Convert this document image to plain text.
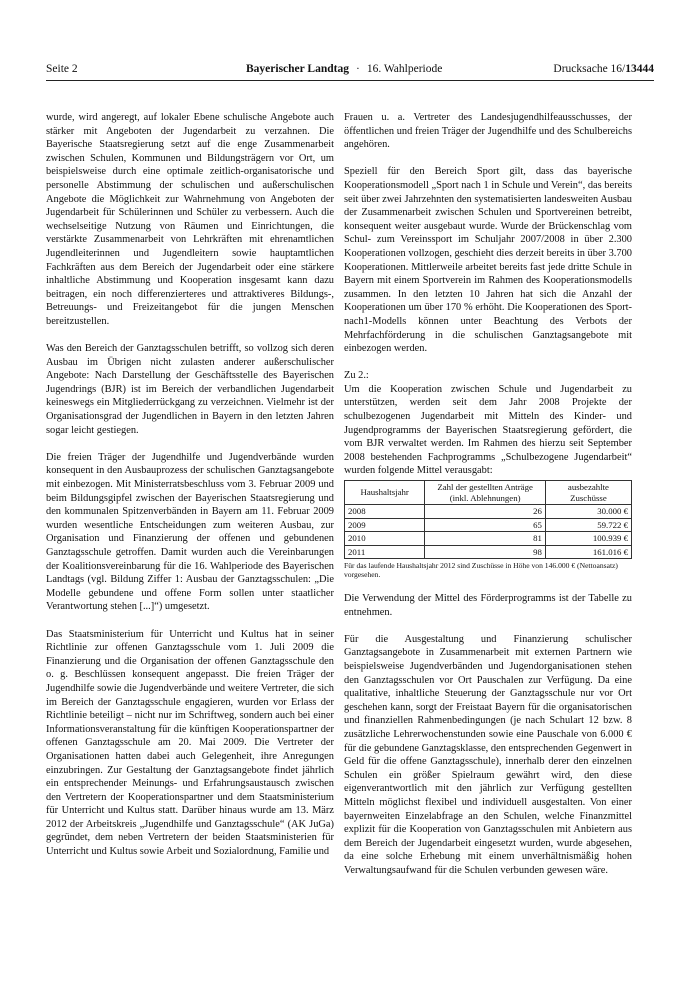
Seite 2	Bayerischer Landtag · 16. Wahlperiode	Drucksache 16/13444

wurde, wird angeregt, auf lokaler Ebene schulische Angebote auch stärker mit Angeboten der Jugendarbeit zu verzahnen. Die Bayerische Staatsregierung setzt auf die enge Zusammenarbeit zwischen Schulen, Kommunen und Bildungsträgern vor Ort, um beispielsweise durch eine optimale zeitlich-organisatorische und personelle Abstimmung der schulischen und außerschulischen Angebote die Möglichkeit zur Wahrnehmung von Angeboten der Jugendarbeit für Schülerinnen und Schüler zu verbessern. Auch die wechselseitige Nutzung von Räumen und Einrichtungen, die verstärkte Zusammenarbeit von Lehrkräften mit ehrenamtlichen Jugendleiterinnen und Jugendleitern sowie hauptamtlichen Fachkräften aus dem Bereich der Jugendarbeit oder eine stärkere inhaltliche Abstimmung und Kooperation insgesamt kann dazu beitragen, ein noch differenzierteres und attraktiveres Bildungs-, Betreuungs- und Freizeitangebot für die jungen Menschen bereitzustellen.

Was den Bereich der Ganztagsschulen betrifft, so vollzog sich deren Ausbau im Übrigen nicht zulasten anderer außerschulischer Angebote: Nach Darstellung der Geschäftsstelle des Bayerischen Jugendrings (BJR) ist im Bereich der verbandlichen Jugendarbeit keineswegs ein Mitgliederrückgang zu verzeichnen. Vielmehr ist der Organisationsgrad der Jugendlichen in Bayern in den letzten Jahren sogar leicht gestiegen.

Die freien Träger der Jugendhilfe und Jugendverbände wurden konsequent in den Ausbauprozess der schulischen Ganztagsangebote mit einbezogen. Mit Ministerratsbeschluss vom 3. Februar 2009 und beim Bildungsgipfel zwischen der Bayerischen Staatsregierung und den kommunalen Spitzenverbänden in Bayern am 11. Februar 2009 wurden wesentliche Entscheidungen zum weiteren Ausbau, zur Organisation und Finanzierung der offenen und gebundenen Ganztagsschule getroffen. Damit wurden auch die Vereinbarungen der Koalitionsvereinbarung für die 16. Wahlperiode des Bayerischen Landtags (vgl. Bildung Ziffer 1: Ausbau der Ganztagsschulen: „Die Modelle gebundene und offene Form sollen unter staatlicher Verantwortung stehen [...]“) umgesetzt.

Das Staatsministerium für Unterricht und Kultus hat in seiner Richtlinie zur offenen Ganztagsschule vom 1. Juli 2009 die Finanzierung und die Organisation der offenen Ganztagsschule den o. g. Beschlüssen konsequent angepasst. Die freien Träger der Jugendhilfe sowie die Jugendverbände und weitere Vertreter, die sich im Bereich der Ganztagsschule engagieren, wurden vor Erlass der Richtlinie beteiligt – nicht nur im Schriftweg, sondern auch bei einer Informationsveranstaltung für die künftigen Kooperationspartner der offenen Ganztagsschule am 20. Mai 2009. Die Vertreter der Organisationen hatten dabei auch Gelegenheit, ihre Anregungen einzubringen. Zur Gestaltung der Ganztagsangebote findet jährlich ein entsprechender Meinungs- und Erfahrungsaustausch zwischen den Vertretern der Kooperationspartner und dem Staatsministerium für Unterricht und Kultus statt. Darüber hinaus wurde am 13. März 2012 der Arbeitskreis „Jugendhilfe und Ganztagsschule“ (AK JuGa) gegründet, dem neben Vertretern der beiden Staatsministerien für Unterricht und Kultus sowie Arbeit und Sozialordnung, Familie und

Frauen u. a. Vertreter des Landesjugendhilfeausschusses, der öffentlichen und freien Träger der Jugendhilfe und des Schulbereichs angehören.

Speziell für den Bereich Sport gilt, dass das bayerische Kooperationsmodell „Sport nach 1 in Schule und Verein“, das bereits seit über zwei Jahrzehnten den systematisierten landesweiten Ausbau der Zusammenarbeit zwischen Schulen und Sportvereinen betreibt, konsequent weiter ausgebaut wurde. Wurde der Brückenschlag vom Schul- zum Vereinssport im Schuljahr 2007/2008 in über 2.300 Kooperationen vollzogen, geschieht dies derzeit bereits in über 3.700 Kooperationen. Mittlerweile arbeitet bereits fast jede dritte Schule in Bayern mit einem Sportverein im Rahmen des Kooperationsmodells zusammen. In den letzten 10 Jahren hat sich die Anzahl der Kooperationen um über 170 % erhöht. Die Kooperationen des Sport-nach1-Modells können unter Beachtung des Verbots der Mehrfachförderung in die schulischen Ganztagsangebote mit einbezogen werden.

Zu 2.:

Um die Kooperation zwischen Schule und Jugendarbeit zu unterstützen, werden seit dem Jahr 2008 Projekte der schulbezogenen Jugendarbeit mit Mitteln des Kinder- und Jugendprogramms der Bayerischen Staatsregierung gefördert, die vom BJR verwaltet werden. Im Rahmen des hierzu seit September 2008 bestehenden Fachprogramms „Schulbezogene Jugendarbeit“ wurden folgende Mittel verausgabt:

Haushaltsjahr	Zahl der gestellten Anträge (inkl. Ablehnungen)	ausbezahlte Zuschüsse
2008	26	30.000 €
2009	65	59.722 €
2010	81	100.939 €
2011	98	161.016 €
Für das laufende Haushaltsjahr 2012 sind Zuschüsse in Höhe von 146.000 € (Nettoansatz) vorgesehen.

Die Verwendung der Mittel des Förderprogramms ist der Tabelle zu entnehmen.

Für die Ausgestaltung und Finanzierung schulischer Ganztagsangebote in Zusammenarbeit mit externen Partnern wie beispielsweise Jugendverbänden und Jugendorganisationen stehen den Ganztagsschulen vor Ort Pauschalen zur Verfügung. Da eine qualitative, inhaltliche Steuerung der Ganztagsschule nur vor Ort geschehen kann, sorgt der Freistaat Bayern für die organisatorischen und finanziellen Rahmenbedingungen (je nach Schulart 12 bzw. 8 zusätzliche Lehrerwochenstunden sowie eine Pauschale von 6.000 € für die gebundene Ganztagsklasse, den entsprechenden Gegenwert in Geld für die offene Ganztagsschule), innerhalb derer den einzelnen Schulen ein größer Spielraum gewährt wird, den diese eigenverantwortlich mit den jährlich zur Verfügung gestellten Mitteln möglichst flexibel und individuell ausgestalten. Von einer bayernweiten Einzelabfrage an den Schulen, welche Finanzmittel explizit für die Kooperation von Ganztagsschulen mit Anbietern aus dem Bereich der Jugendarbeit eingesetzt wurden, wurde abgesehen, da eine solche Erhebung mit einem unverhältnismäßig hohen Verwaltungsaufwand für die Schulen verbunden gewesen wäre.
